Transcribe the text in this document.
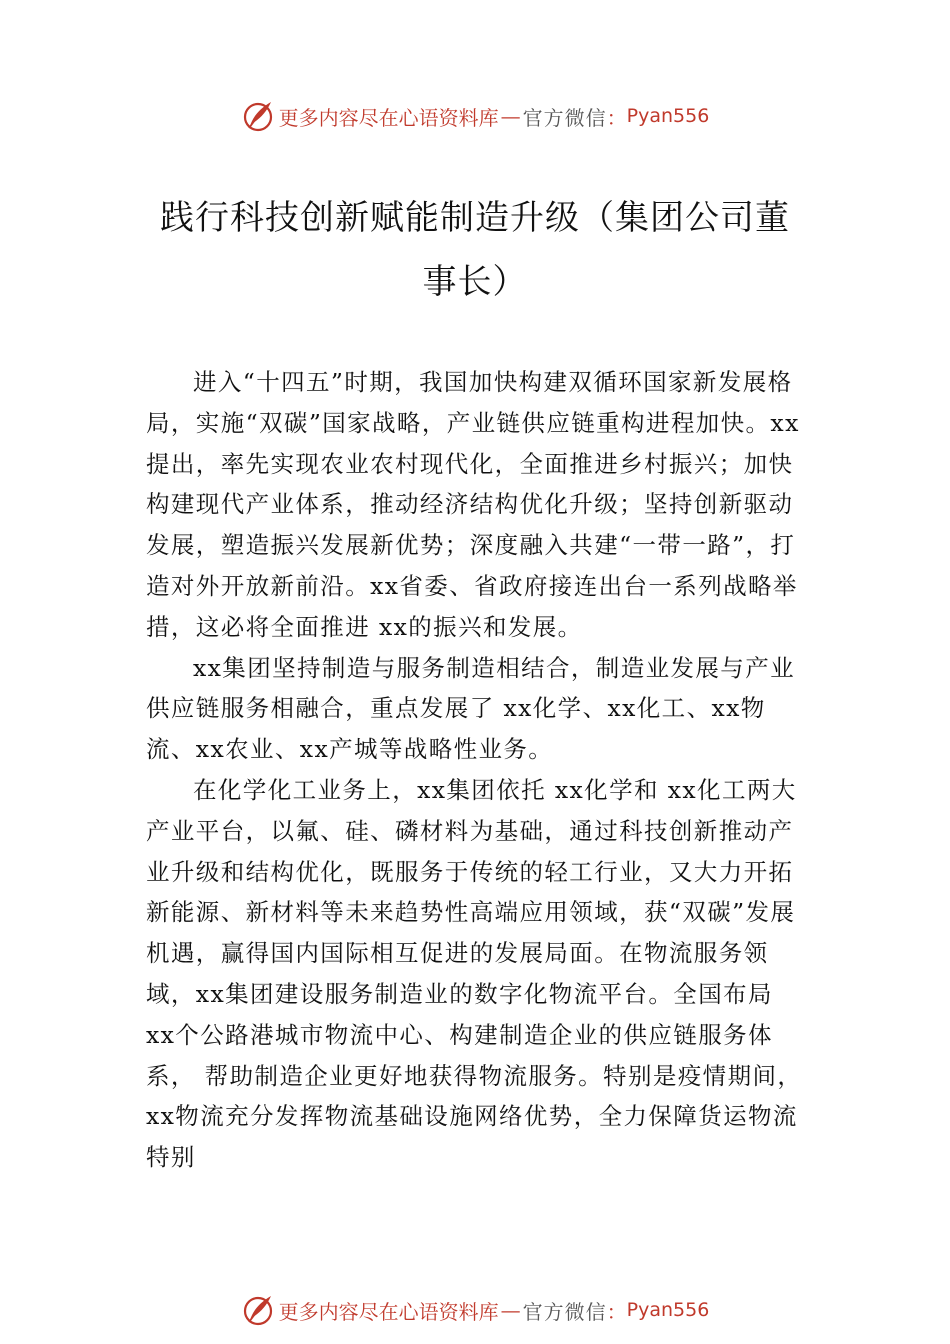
更多内容尽在心语资料库 — 官方微信 ： Pyan556
践行科技创新赋能制造升级（集团公司董事长）

进入“十四五”时期，我国加快构建双循环国家新发展格局，实施“双碳”国家战略，产业链供应链重构进程加快。xx提出，率先实现农业农村现代化，全面推进乡村振兴；加快构建现代产业体系，推动经济结构优化升级；坚持创新驱动发展，塑造振兴发展新优势；深度融入共建“一带一路”，打造对外开放新前沿。xx省委、省政府接连出台一系列战略举措，这必将全面推进 xx的振兴和发展。

xx集团坚持制造与服务制造相结合，制造业发展与产业供应链服务相融合，重点发展了 xx化学、xx化工、xx物流、xx农业、xx产城等战略性业务。

在化学化工业务上，xx集团依托 xx化学和 xx化工两大产业平台，以氟、硅、磷材料为基础，通过科技创新推动产业升级和结构优化，既服务于传统的轻工行业，又大力开拓新能源、新材料等未来趋势性高端应用领域，获“双碳”发展机遇，赢得国内国际相互促进的发展局面。在物流服务领域，xx集团建设服务制造业的数字化物流平台。全国布局 xx个公路港城市物流中心、构建制造企业的供应链服务体系， 帮助制造企业更好地获得物流服务。特别是疫情期间，xx物流充分发挥物流基础设施网络优势，全力保障货运物流特别

更多内容尽在心语资料库 — 官方微信 ： Pyan556
